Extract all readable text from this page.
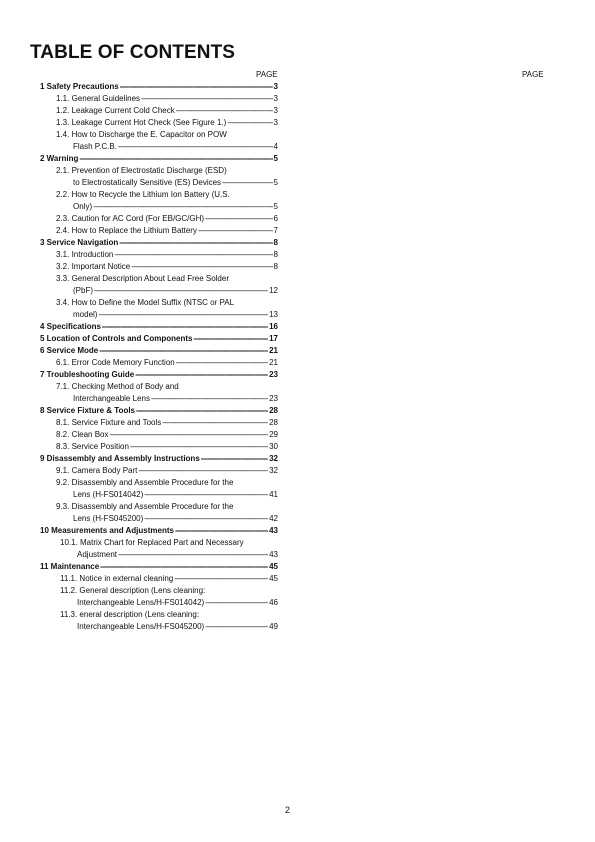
TABLE OF CONTENTS
PAGE	PAGE
1 Safety Precautions -----	3
1.1. General Guidelines -----	3
1.2. Leakage Current Cold Check -----	3
1.3. Leakage Current Hot Check (See Figure 1.) -----	3
1.4. How to Discharge the E. Capacitor on POW
Flash P.C.B. -----	4
2 Warning -----	5
2.1. Prevention of Electrostatic Discharge (ESD)
to Electrostatically Sensitive (ES) Devices -----	5
2.2. How to Recycle the Lithium Ion Battery (U.S.
Only) -----	5
2.3. Caution for AC Cord (For EB/GC/GH) -----	6
2.4. How to Replace the Lithium Battery -----	7
3 Service Navigation -----	8
3.1. Introduction -----	8
3.2. Important Notice -----	8
3.3. General Description About Lead Free Solder
(PbF) -----	12
3.4. How to Define the Model Suffix (NTSC or PAL
model) -----	13
4 Specifications -----	16
5 Location of Controls and Components -----	17
6 Service Mode -----	21
6.1. Error Code Memory Function -----	21
7 Troubleshooting Guide -----	23
7.1. Checking Method of Body and
Interchangeable Lens -----	23
8 Service Fixture & Tools -----	28
8.1. Service Fixture and Tools -----	28
8.2. Clean Box -----	29
8.3. Service Position -----	30
9 Disassembly and Assembly Instructions -----	32
9.1. Camera Body Part -----	32
9.2. Disassembly and Assemble Procedure for the
Lens (H-FS014042) -----	41
9.3. Disassembly and Assemble Procedure for the
Lens (H-FS045200) -----	42
10 Measurements and Adjustments -----	43
10.1. Matrix Chart for Replaced Part and Necessary
Adjustment -----	43
11 Maintenance -----	45
11.1. Notice in external cleaning -----	45
11.2. General description (Lens cleaning:
Interchangeable Lens/H-FS014042) -----	46
11.3. eneral description (Lens cleaning:
Interchangeable Lens/H-FS045200) -----	49
2
